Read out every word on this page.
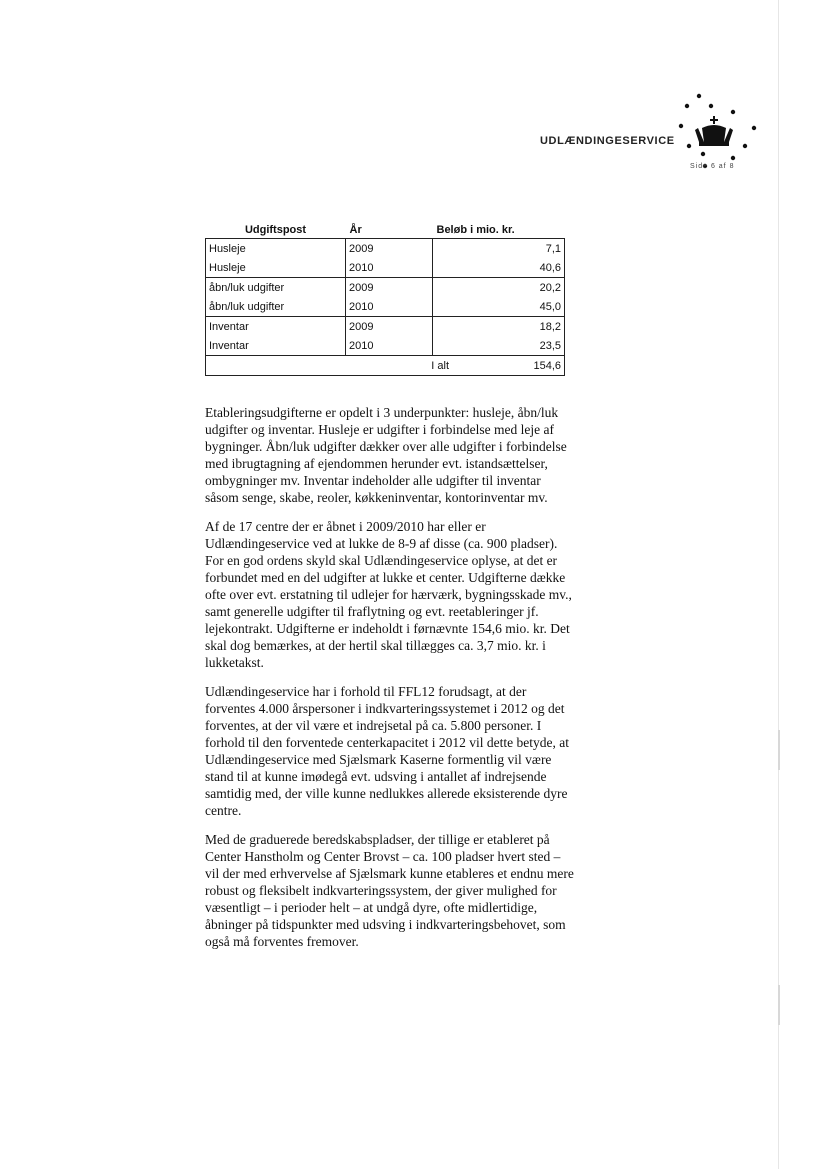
UDLÆNDINGESERVICE
Side 6 af 8
Udgiftspost	År	Beløb i mio. kr.
Husleje	2009	7,1
Husleje	2010	40,6
åbn/luk udgifter	2009	20,2
åbn/luk udgifter	2010	45,0
Inventar	2009	18,2
Inventar	2010	23,5
I alt 154,6		

Etableringsudgifterne er opdelt i 3 underpunkter: husleje, åbn/luk udgifter og inventar. Husleje er udgifter i forbindelse med leje af bygninger. Åbn/luk udgifter dækker over alle udgifter i forbindelse med ibrugtagning af ejendommen herunder evt. istandsættelser, ombygninger mv. Inventar indeholder alle udgifter til inventar såsom senge, skabe, reoler, køkkeninventar, kontorinventar mv.

Af de 17 centre der er åbnet i 2009/2010 har eller er Udlændingeservice ved at lukke de 8-9 af disse (ca. 900 pladser). For en god ordens skyld skal Udlændingeservice oplyse, at det er forbundet med en del udgifter at lukke et center. Udgifterne dække ofte over evt. erstatning til udlejer for hærværk, bygningsskade mv., samt generelle udgifter til fraflytning og evt. reetableringer jf. lejekontrakt. Udgifterne er indeholdt i førnævnte 154,6 mio. kr. Det skal dog bemærkes, at der hertil skal tillægges ca. 3,7 mio. kr. i lukketakst.

Udlændingeservice har i forhold til FFL12 forudsagt, at der forventes 4.000 årspersoner i indkvarteringssystemet i 2012 og det forventes, at der vil være et indrejsetal på ca. 5.800 personer. I forhold til den forventede centerkapacitet i 2012 vil dette betyde, at Udlændingeservice med Sjælsmark Kaserne formentlig vil være stand til at kunne imødegå evt. udsving i antallet af indrejsende samtidig med, der ville kunne nedlukkes allerede eksisterende dyre centre.

Med de graduerede beredskabspladser, der tillige er etableret på Center Hanstholm og Center Brovst – ca. 100 pladser hvert sted – vil der med erhvervelse af Sjælsmark kunne etableres et endnu mere robust og fleksibelt indkvarteringssystem, der giver mulighed for væsentligt – i perioder helt – at undgå dyre, ofte midlertidige, åbninger på tidspunkter med udsving i indkvarteringsbehovet, som også må forventes fremover.
